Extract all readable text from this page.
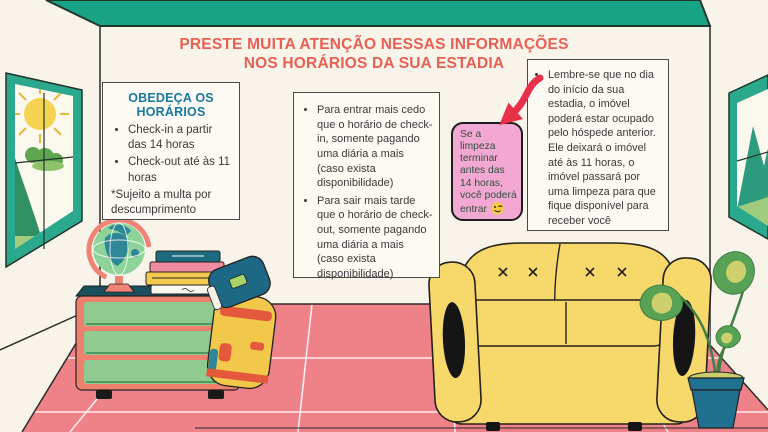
PRESTE MUITA ATENÇÃO NESSAS INFORMAÇÕES
NOS HORÁRIOS DA SUA ESTADIA
OBEDEÇA OS HORÁRIOS
• Check-in a partir das 14 horas
• Check-out até às 11 horas
*Sujeito a multa por descumprimento
• Para entrar mais cedo que o horário de check-in, somente pagando uma diária a mais (caso exista disponibilidade)
• Para sair mais tarde que o horário de check-out, somente pagando uma diária a mais (caso exista disponibilidade)
• Lembre-se que no dia do início da sua estadia, o imóvel poderá estar ocupado pelo hóspede anterior. Ele deixará o imóvel até às 11 horas, o imóvel passará por uma limpeza para que fique disponível para receber você
Se a limpeza terminar antes das 14 horas, você poderá entrar
